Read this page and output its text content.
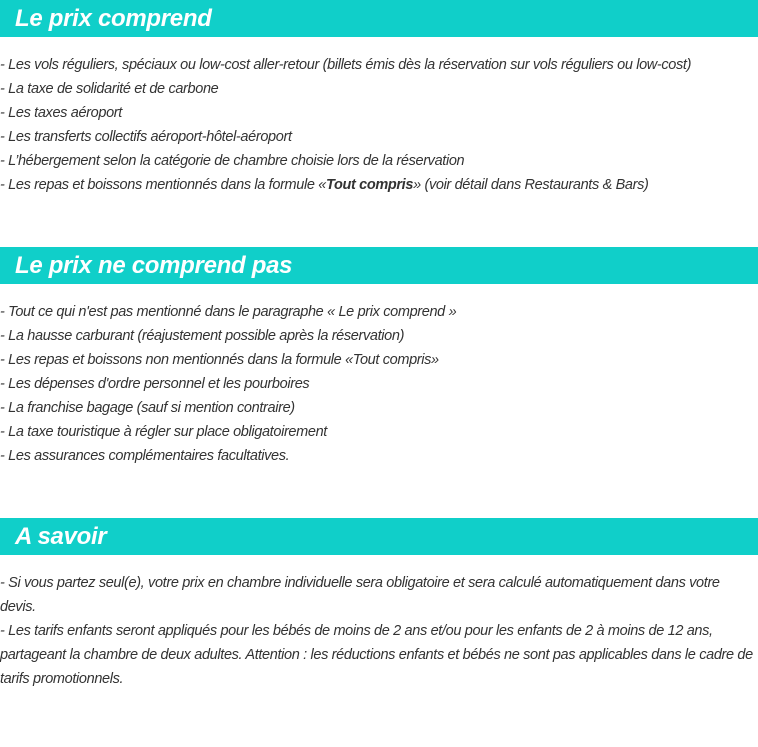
Le prix comprend
- Les vols réguliers, spéciaux ou low-cost aller-retour (billets émis dès la réservation sur vols réguliers ou low-cost)
- La taxe de solidarité et de carbone
- Les taxes aéroport
- Les transferts collectifs aéroport-hôtel-aéroport
- L’hébergement selon la catégorie de chambre choisie lors de la réservation
- Les repas et boissons mentionnés dans la formule «Tout compris» (voir détail dans Restaurants & Bars)
Le prix ne comprend pas
- Tout ce qui n'est pas mentionné dans le paragraphe « Le prix comprend »
- La hausse carburant (réajustement possible après la réservation)
- Les repas et boissons non mentionnés dans la formule «Tout compris»
- Les dépenses d'ordre personnel et les pourboires
- La franchise bagage (sauf si mention contraire)
- La taxe touristique à régler sur place obligatoirement
- Les assurances complémentaires facultatives.
A savoir
- Si vous partez seul(e), votre prix en chambre individuelle sera obligatoire et sera calculé automatiquement dans votre devis.
- Les tarifs enfants seront appliqués pour les bébés de moins de 2 ans et/ou pour les enfants de 2 à moins de 12 ans, partageant la chambre de deux adultes. Attention : les réductions enfants et bébés ne sont pas applicables dans le cadre de tarifs promotionnels.
